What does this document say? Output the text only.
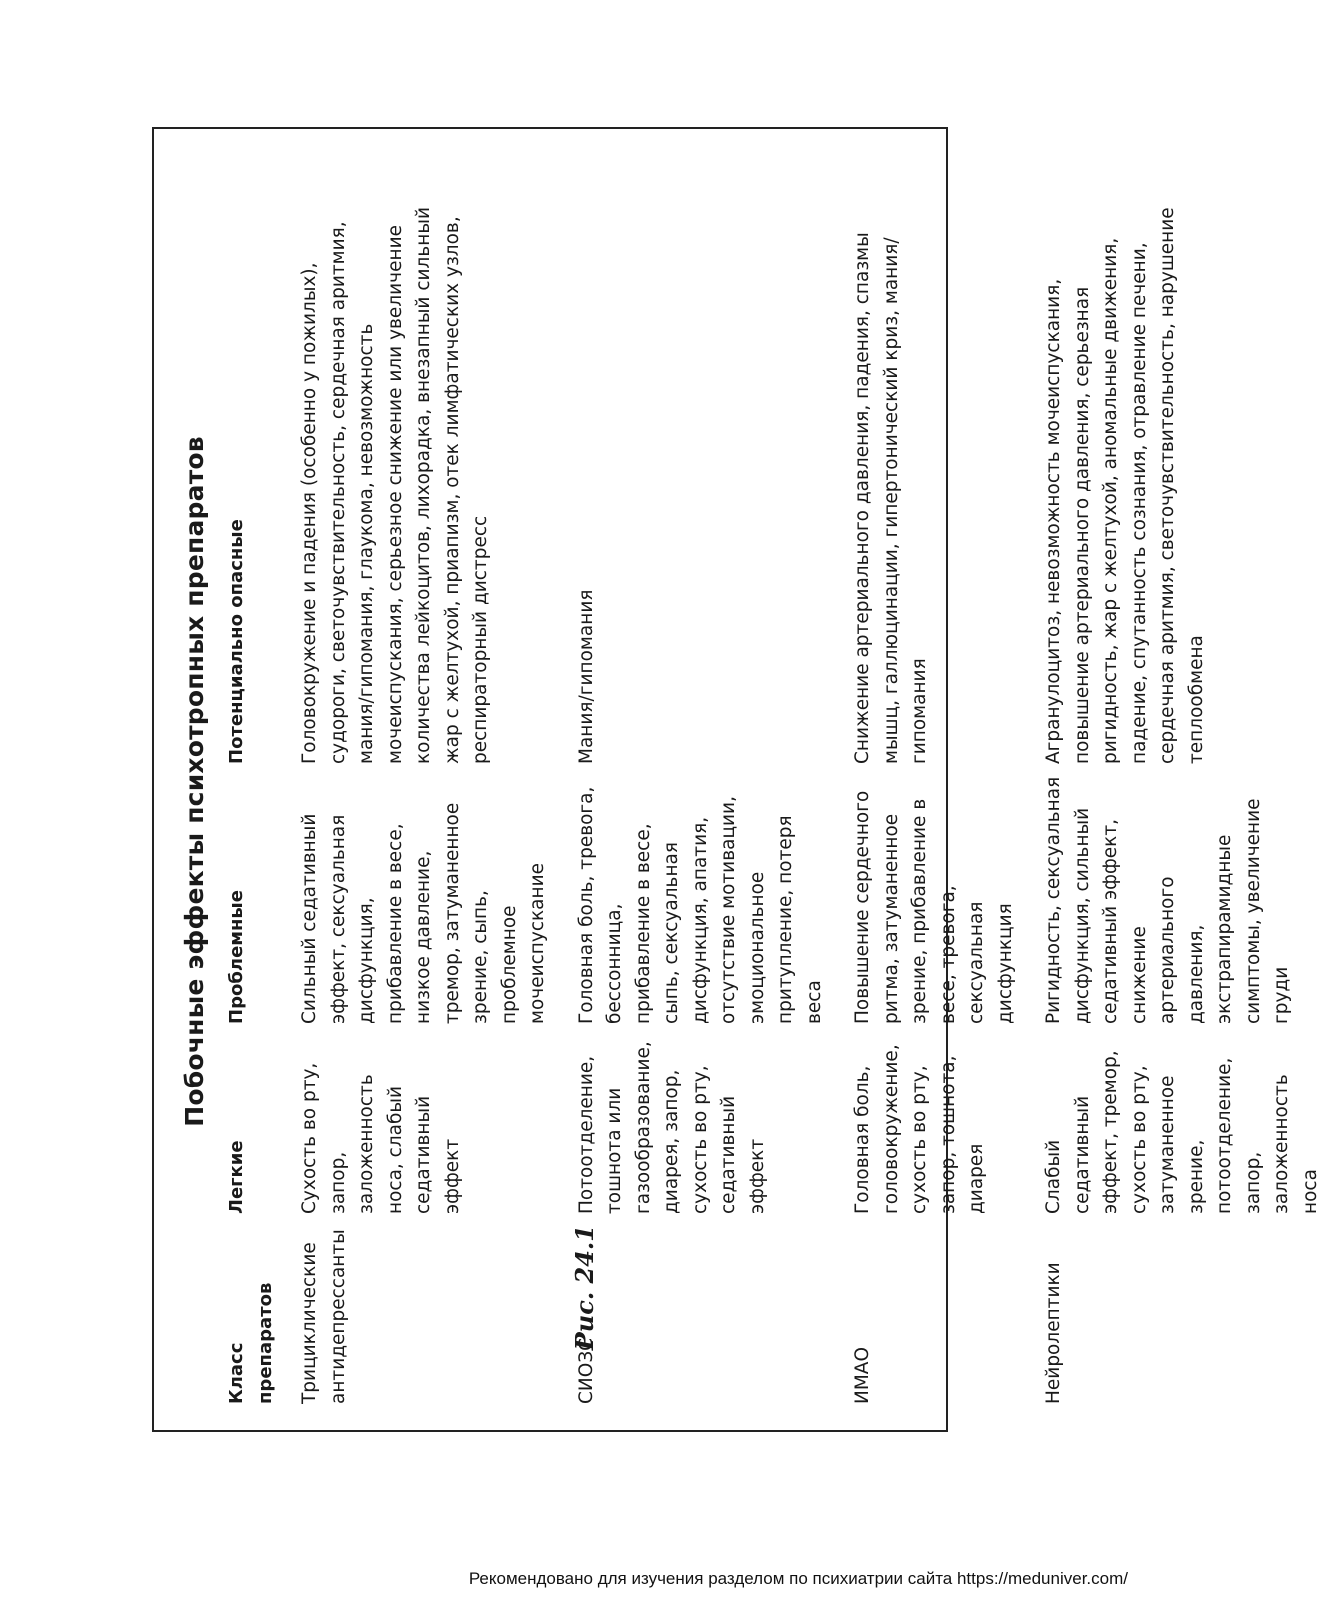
Побочные эффекты психотропных препаратов
Класс препаратов	Легкие	Проблемные	Потенциально опасные
Трициклические антидепрессанты	Сухость во рту, запор, заложенность носа, слабый седативный эффект	Сильный седативный эффект, сексуальная дисфункция, прибавление в весе, низкое давление, тремор, затуманенное зрение, сыпь, проблемное мочеиспускание	Головокружение и падения (особенно у пожилых), судороги, светочувствительность, сердечная аритмия, мания/гипомания, глаукома, невозможность мочеиспускания, серьезное снижение или увеличение количества лейкоцитов, лихорадка, внезапный сильный жар с желтухой, приапизм, отек лимфатических узлов, респираторный дистресс
СИОЗС	Потоотделение, тошнота или газообразование, диарея, запор, сухость во рту, седативный эффект	Головная боль, тревога, бессонница, прибавление в весе, сыпь, сексуальная дисфункция, апатия, отсутствие мотивации, эмоциональное притупление, потеря веса	Мания/гипомания
ИМАО	Головная боль, головокружение, сухость во рту, запор, тошнота, диарея	Повышение сердечного ритма, затуманенное зрение, прибавление в весе, тревога, сексуальная дисфункция	Снижение артериального давления, падения, спазмы мышц, галлюцинации, гипертонический криз, мания/гипомания
Нейролептики	Слабый седативный эффект, тремор, сухость во рту, затуманенное зрение, потоотделение, запор, заложенность носа	Ригидность, сексуальная дисфункция, сильный седативный эффект, снижение артериального давления, экстрапирамидные симптомы, увеличение груди	Агранулоцитоз, невозможность мочеиспускания, повышение артериального давления, серьезная ригидность, жар с желтухой, аномальные движения, падение, спутанность сознания, отравление печени, сердечная аритмия, светочувствительность, нарушение теплообмена
Рис. 24.1
Рекомендовано для изучения разделом по психиатрии сайта https://meduniver.com/
